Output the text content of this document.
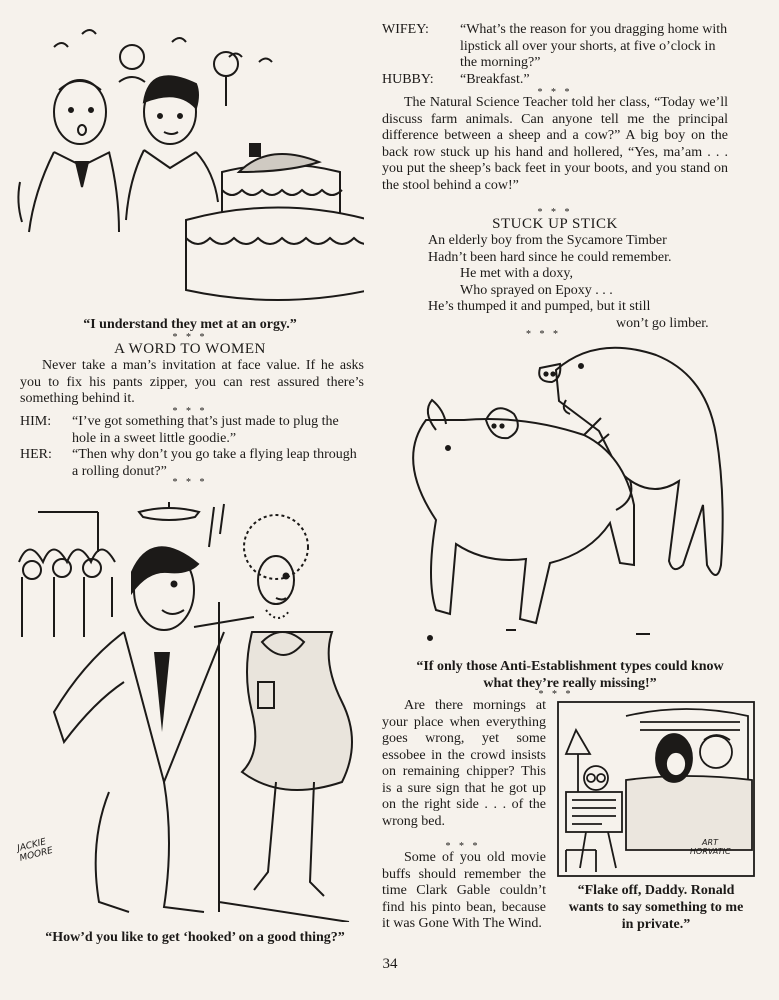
“I understand they met at an orgy.”
* * *
A WORD TO WOMEN
Never take a man’s invitation at face value. If he asks you to fix his pants zipper, you can rest assured there’s something behind it.
* * *
HIM:	“I’ve got something that’s just made to plug the hole in a sweet little goodie.”
HER:	“Then why don’t you go take a flying leap through a rolling donut?”
* * *
JACKIE MOORE
“How’d you like to get ‘hooked’ on a good thing?”
WIFEY:	“What’s the reason for you dragging home with lipstick all over your shorts, at five o’clock in the morning?”
HUBBY:	“Breakfast.”
* * *
The Natural Science Teacher told her class, “Today we’ll discuss farm animals. Can anyone tell me the principal difference between a sheep and a cow?” A big boy on the back row stuck up his hand and hollered, “Yes, ma’am . . . you put the sheep’s back feet in your boots, and you stand on the stool behind a cow!”
* * *
STUCK UP STICK
An elderly boy from the Sycamore Timber
Hadn’t been hard since he could remember.
He met with a doxy,
Who sprayed on Epoxy . . .
He’s thumped it and pumped, but it still
won’t go limber.
* * *
“If only those Anti-Establishment types could know
what they’re really missing!”
* * *
Are there mornings at your place when everything goes wrong, yet some essobee in the crowd insists on remaining chipper? This is a sure sign that he got up on the right side . . . of the wrong bed.
* * *
Some of you old movie buffs should remember the time Clark Gable couldn’t find his pinto bean, because it was Gone With The Wind.
ART HORVATIC
“Flake off, Daddy. Ronald wants to say something to me in private.”
34
